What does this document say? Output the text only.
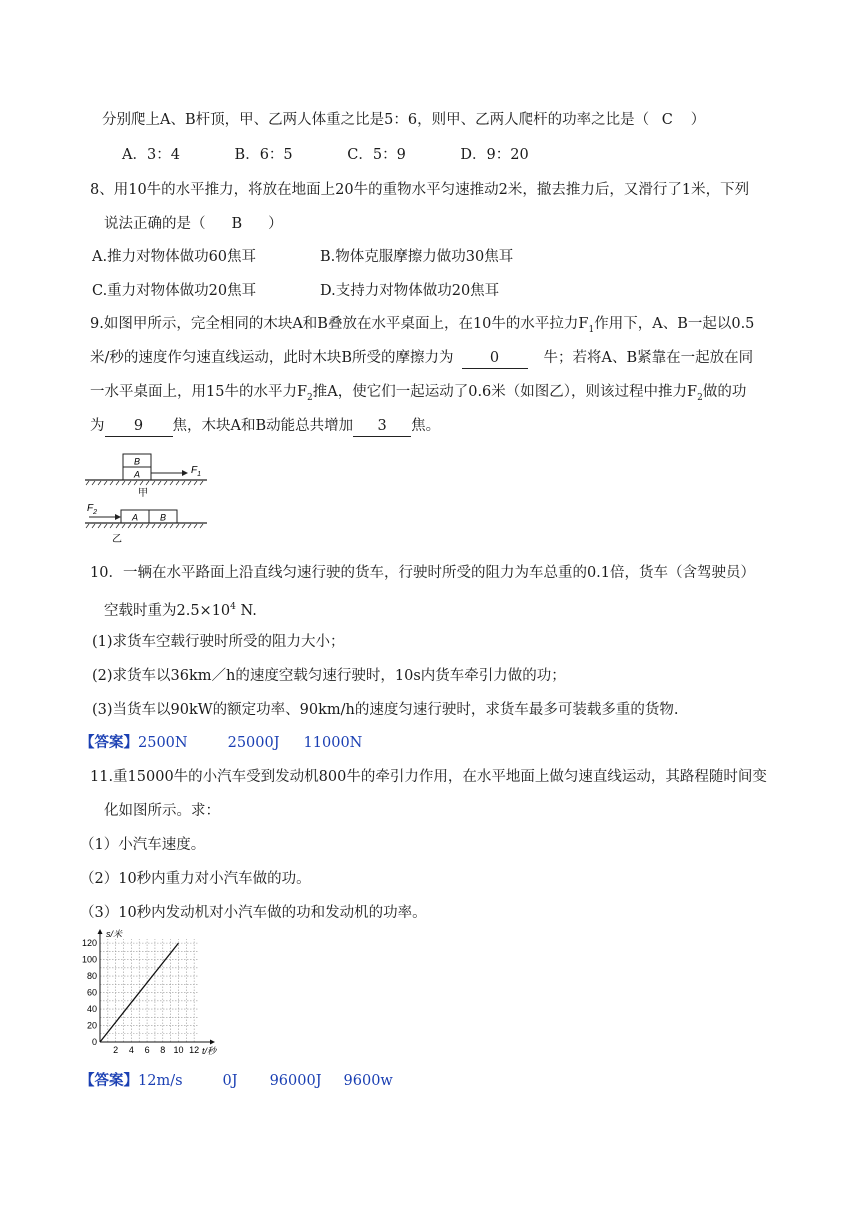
分别爬上A、B杆顶，甲、乙两人体重之比是5：6，则甲、乙两人爬杆的功率之比是（ C ）
A．3：4	B．6：5	C．5：9	D．9：20
8、用10牛的水平推力，将放在地面上20牛的重物水平匀速推动2米，撤去推力后，又滑行了1米，下列
说法正确的是（ B ）
A.推力对物体做功60焦耳	B.物体克服摩擦力做功30焦耳
C.重力对物体做功20焦耳	D.支持力对物体做功20焦耳
9.如图甲所示，完全相同的木块A和B叠放在水平桌面上，在10牛的水平拉力$F_1$作用下，A、B一起以0.5
米/秒的速度作匀速直线运动，此时木块B所受的摩擦力为	0	牛；若将A、B紧靠在一起放在同
一水平桌面上，用15牛的水平力$F_2$推A，使它们一起运动了0.6米（如图乙），则该过程中推力$F_2$做的功
为 9 焦，木块A和B动能总共增加 3 焦。
B
A	$F_1$
甲
$F_2$	A B
乙
10．一辆在水平路面上沿直线匀速行驶的货车，行驶时所受的阻力为车总重的0.1倍，货车（含驾驶员）
空载时重为$2.5\times 10^4$ N.
(1)求货车空载行驶时所受的阻力大小；
(2)求货车以36km／h的速度空载匀速行驶时，10s内货车牵引力做的功；
(3)当货车以90kW的额定功率、90km/h的速度匀速行驶时，求货车最多可装载多重的货物.
【答案】2500N	25000J 11000N
11.重15000牛的小汽车受到发动机800牛的牵引力作用，在水平地面上做匀速直线运动，其路程随时间变
化如图所示。求：
（1）小汽车速度。
（2）10秒内重力对小汽车做的功。
（3）10秒内发动机对小汽车做的功和发动机的功率。
2 4 6 8 10 12
0
20
40
60
80
100
120
s/米
t/秒
【答案】12m/s	0J 96000J 9600w
